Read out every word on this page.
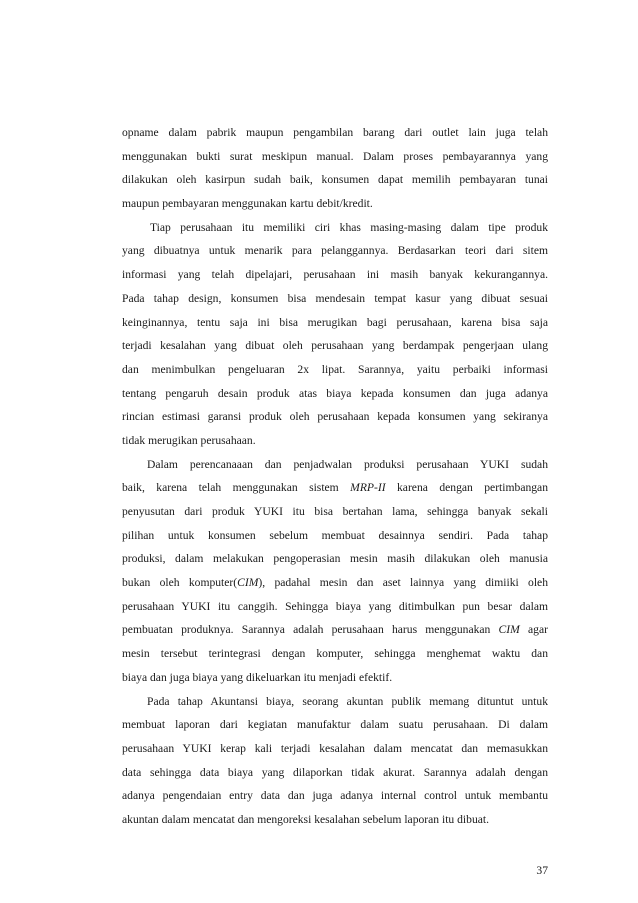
opname dalam pabrik maupun pengambilan barang dari outlet lain juga telah
menggunakan bukti surat meskipun manual. Dalam proses pembayarannya yang
dilakukan oleh kasirpun sudah baik, konsumen dapat memilih pembayaran tunai
maupun pembayaran menggunakan kartu debit/kredit.
Tiap perusahaan itu memiliki ciri khas masing-masing dalam tipe produk
yang dibuatnya untuk menarik para pelanggannya. Berdasarkan teori dari sitem
informasi yang telah dipelajari, perusahaan ini masih banyak kekurangannya.
Pada tahap design, konsumen bisa mendesain tempat kasur yang dibuat sesuai
keinginannya, tentu saja ini bisa merugikan bagi perusahaan, karena bisa saja
terjadi kesalahan yang dibuat oleh perusahaan yang berdampak pengerjaan ulang
dan menimbulkan pengeluaran 2x lipat. Sarannya, yaitu perbaiki informasi
tentang pengaruh desain produk atas biaya kepada konsumen dan juga adanya
rincian estimasi garansi produk oleh perusahaan kepada konsumen yang sekiranya
tidak merugikan perusahaan.
Dalam perencanaaan dan penjadwalan produksi perusahaan YUKI sudah
baik, karena telah menggunakan sistem MRP-II karena dengan pertimbangan
penyusutan dari produk YUKI itu bisa bertahan lama, sehingga banyak sekali
pilihan untuk konsumen sebelum membuat desainnya sendiri. Pada tahap
produksi, dalam melakukan pengoperasian mesin masih dilakukan oleh manusia
bukan oleh komputer(CIM), padahal mesin dan aset lainnya yang dimiiki oleh
perusahaan YUKI itu canggih. Sehingga biaya yang ditimbulkan pun besar dalam
pembuatan produknya. Sarannya adalah perusahaan harus menggunakan CIM agar
mesin tersebut terintegrasi dengan komputer, sehingga menghemat waktu dan
biaya dan juga biaya yang dikeluarkan itu menjadi efektif.
Pada tahap Akuntansi biaya, seorang akuntan publik memang dituntut untuk
membuat laporan dari kegiatan manufaktur dalam suatu perusahaan. Di dalam
perusahaan YUKI kerap kali terjadi kesalahan dalam mencatat dan memasukkan
data sehingga data biaya yang dilaporkan tidak akurat. Sarannya adalah dengan
adanya pengendaian entry data dan juga adanya internal control untuk membantu
akuntan dalam mencatat dan mengoreksi kesalahan sebelum laporan itu dibuat.
37
